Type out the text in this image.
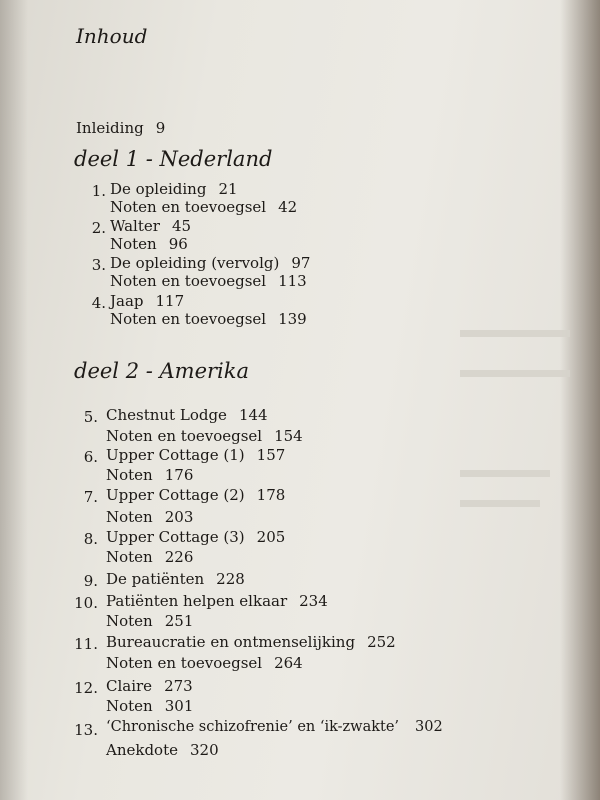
Inhoud
Inleiding 9
deel 1 - Nederland
1. De opleiding 21
Noten en toevoegsel 42
2. Walter 45
Noten 96
3. De opleiding (vervolg) 97
Noten en toevoegsel 113
4. Jaap 117
Noten en toevoegsel 139
deel 2 - Amerika
5. Chestnut Lodge 144
Noten en toevoegsel 154
6. Upper Cottage (1) 157
Noten 176
7. Upper Cottage (2) 178
Noten 203
8. Upper Cottage (3) 205
Noten 226
9. De patiënten 228
10. Patiënten helpen elkaar 234
Noten 251
11. Bureaucratie en ontmenselijking 252
Noten en toevoegsel 264
12. Claire 273
Noten 301
13. ‘Chronische schizofrenie’ en ‘ik-zwakte’ 302
Anekdote 320
